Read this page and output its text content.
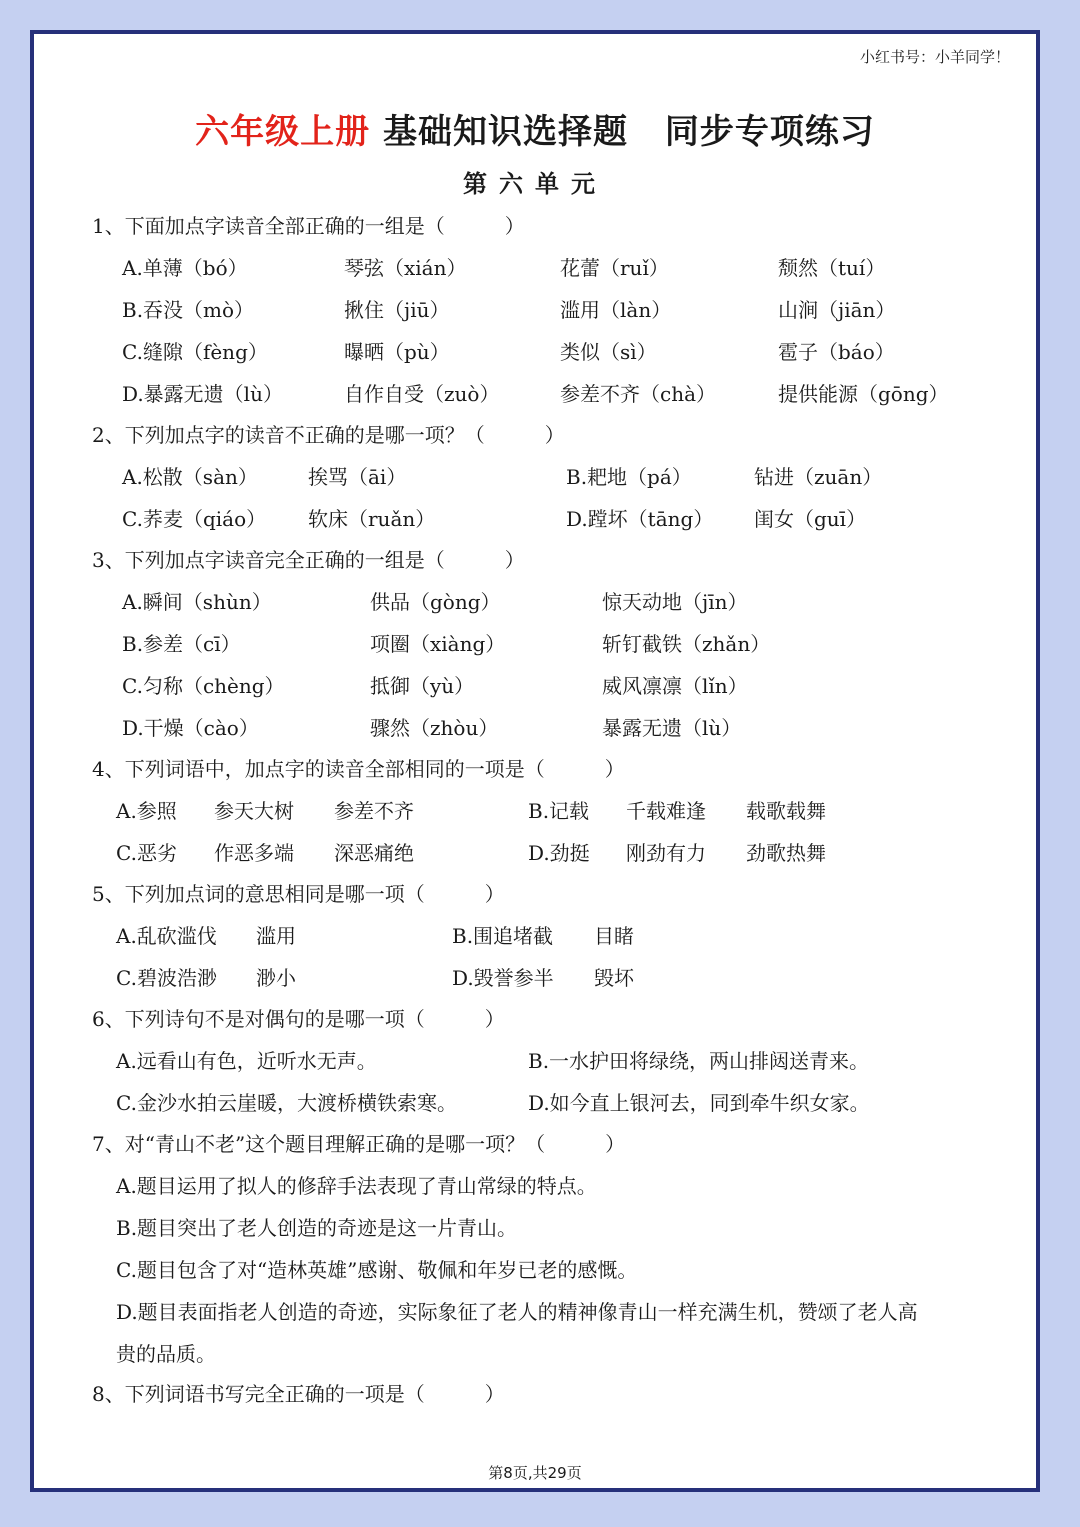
小红书号：小羊同学！
六年级上册 基础知识选择题 同步专项练习
第六单元
1、下面加点字读音全部正确的一组是（　　　）
A.单薄（bó）	琴弦（xián）	花蕾（ruǐ）	颓然（tuí）
B.吞没（mò）	揪住（jiū）	滥用（làn）	山涧（jiān）
C.缝隙（fèng）	曝晒（pù）	类似（sì）	雹子（báo）
D.暴露无遗（lù）	自作自受（zuò）	参差不齐（chà）	提供能源（gōng）
2、下列加点字的读音不正确的是哪一项？（　　　）
A.松散（sàn）	挨骂（āi）	B.耙地（pá）	钻进（zuān）
C.荞麦（qiáo） 软床（ruǎn）	D.蹚坏（tāng） 闺女（guī）
3、下列加点字读音完全正确的一组是（　　　）
A.瞬间（shùn）	供品（gòng）	惊天动地（jīn）
B.参差（cī）	项圈（xiàng）	斩钉截铁（zhǎn）
C.匀称（chèng）	抵御（yù）	威风凛凛（lǐn）
D.干燥（cào）	骤然（zhòu）	暴露无遗（lù）
4、下列词语中，加点字的读音全部相同的一项是（　　　）
A.参照 参天大树 参差不齐	B.记载 千载难逢 载歌载舞
C.恶劣 作恶多端 深恶痛绝	D.劲挺 刚劲有力 劲歌热舞
5、下列加点词的意思相同是哪一项（　　　）
A.乱砍滥伐 滥用	B.围追堵截 目睹
C.碧波浩渺 渺小	D.毁誉参半 毁坏
6、下列诗句不是对偶句的是哪一项（　　　）
A.远看山有色，近听水无声。	B.一水护田将绿绕，两山排闼送青来。
C.金沙水拍云崖暖，大渡桥横铁索寒。	D.如今直上银河去，同到牵牛织女家。
7、对“青山不老”这个题目理解正确的是哪一项？（　　　）
A.题目运用了拟人的修辞手法表现了青山常绿的特点。
B.题目突出了老人创造的奇迹是这一片青山。
C.题目包含了对“造林英雄”感谢、敬佩和年岁已老的感慨。
D.题目表面指老人创造的奇迹，实际象征了老人的精神像青山一样充满生机，赞颂了老人高
贵的品质。
8、下列词语书写完全正确的一项是（　　　）
第8页,共29页
